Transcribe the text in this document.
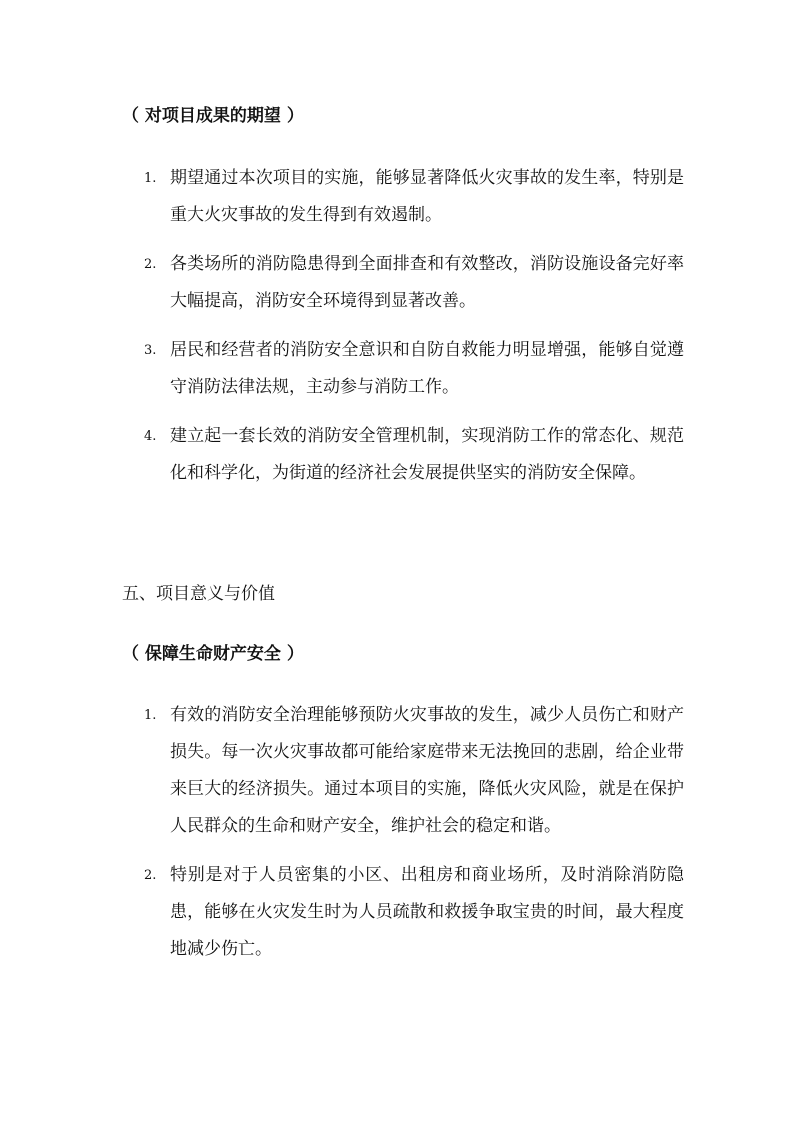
（ 对项目成果的期望 ）
1. 期望通过本次项目的实施，能够显著降低火灾事故的发生率，特别是重大火灾事故的发生得到有效遏制。
2. 各类场所的消防隐患得到全面排查和有效整改，消防设施设备完好率大幅提高，消防安全环境得到显著改善。
3. 居民和经营者的消防安全意识和自防自救能力明显增强，能够自觉遵守消防法律法规，主动参与消防工作。
4. 建立起一套长效的消防安全管理机制，实现消防工作的常态化、规范化和科学化，为街道的经济社会发展提供坚实的消防安全保障。
五、项目意义与价值
（ 保障生命财产安全 ）
1. 有效的消防安全治理能够预防火灾事故的发生，减少人员伤亡和财产损失。每一次火灾事故都可能给家庭带来无法挽回的悲剧，给企业带来巨大的经济损失。通过本项目的实施，降低火灾风险，就是在保护人民群众的生命和财产安全，维护社会的稳定和谐。
2. 特别是对于人员密集的小区、出租房和商业场所，及时消除消防隐患，能够在火灾发生时为人员疏散和救援争取宝贵的时间，最大程度地减少伤亡。
